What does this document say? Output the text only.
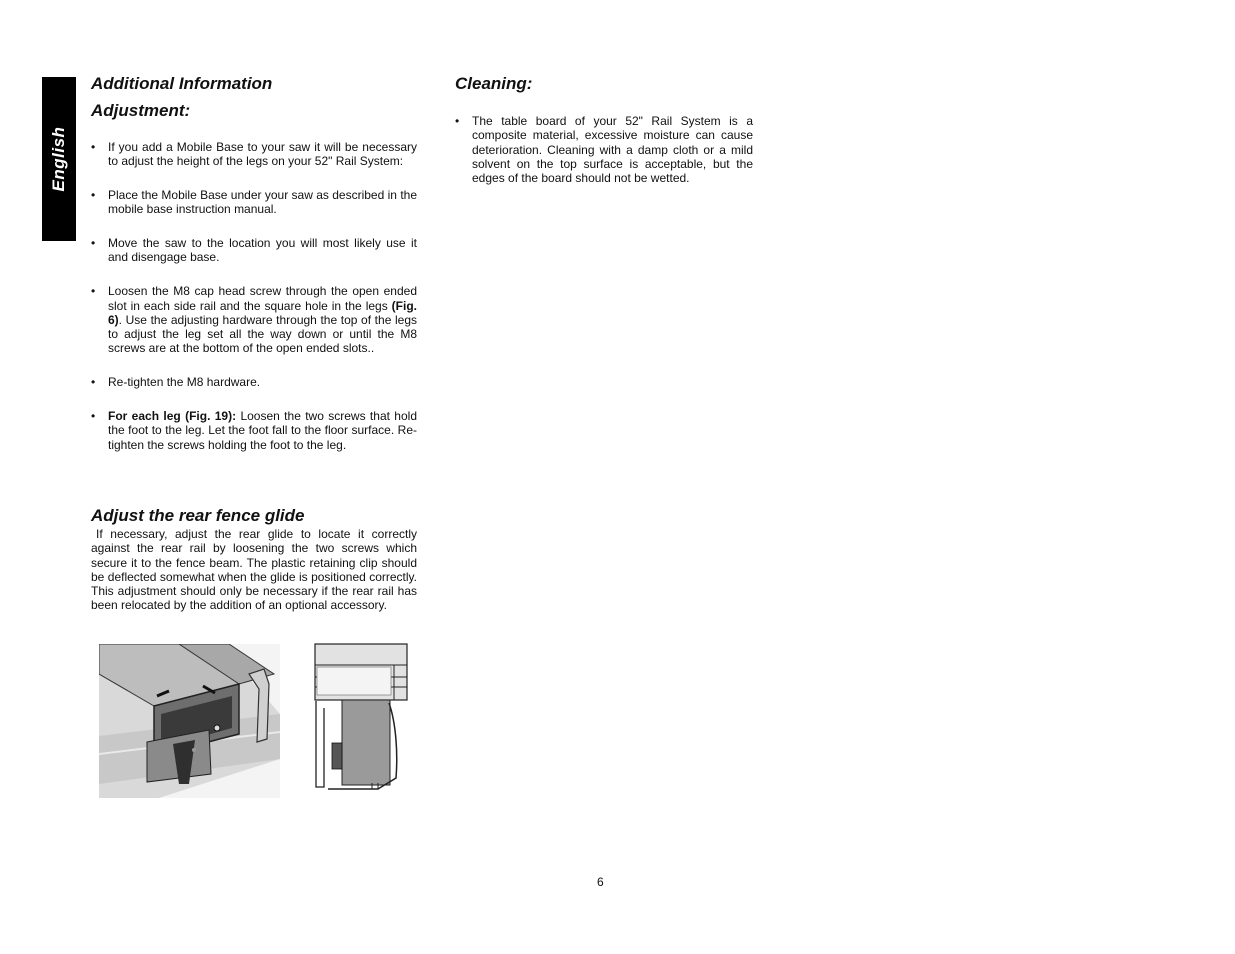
English
Additional Information
Adjustment:
• If you add a Mobile Base to your saw it will be necessary to adjust the height of the legs on your 52" Rail System:
• Place the Mobile Base under your saw as described in the mobile base instruction manual.
• Move the saw to the location you will most likely use it and disengage base.
• Loosen the M8 cap head screw through the open ended slot in each side rail and the square hole in the legs (Fig. 6). Use the adjusting hardware through the top of the legs to adjust the leg set all the way down or until the M8 screws are at the bottom of the open ended slots..
• Re-tighten the M8 hardware.
• For each leg (Fig. 19): Loosen the two screws that hold the foot to the leg. Let the foot fall to the floor surface. Re-tighten the screws holding the foot to the leg.
Adjust the rear fence glide

If necessary, adjust the rear glide to locate it correctly against the rear rail by loosening the two screws which secure it to the fence beam. The plastic retaining clip should be deflected somewhat when the glide is positioned correctly. This adjustment should only be necessary if the rear rail has been relocated by the addition of an optional accessory.

Cleaning:
• The table board of your 52" Rail System is a composite material, excessive moisture can cause deterioration. Cleaning with a damp cloth or a mild solvent on the top surface is acceptable, but the edges of the board should not be wetted.
6
